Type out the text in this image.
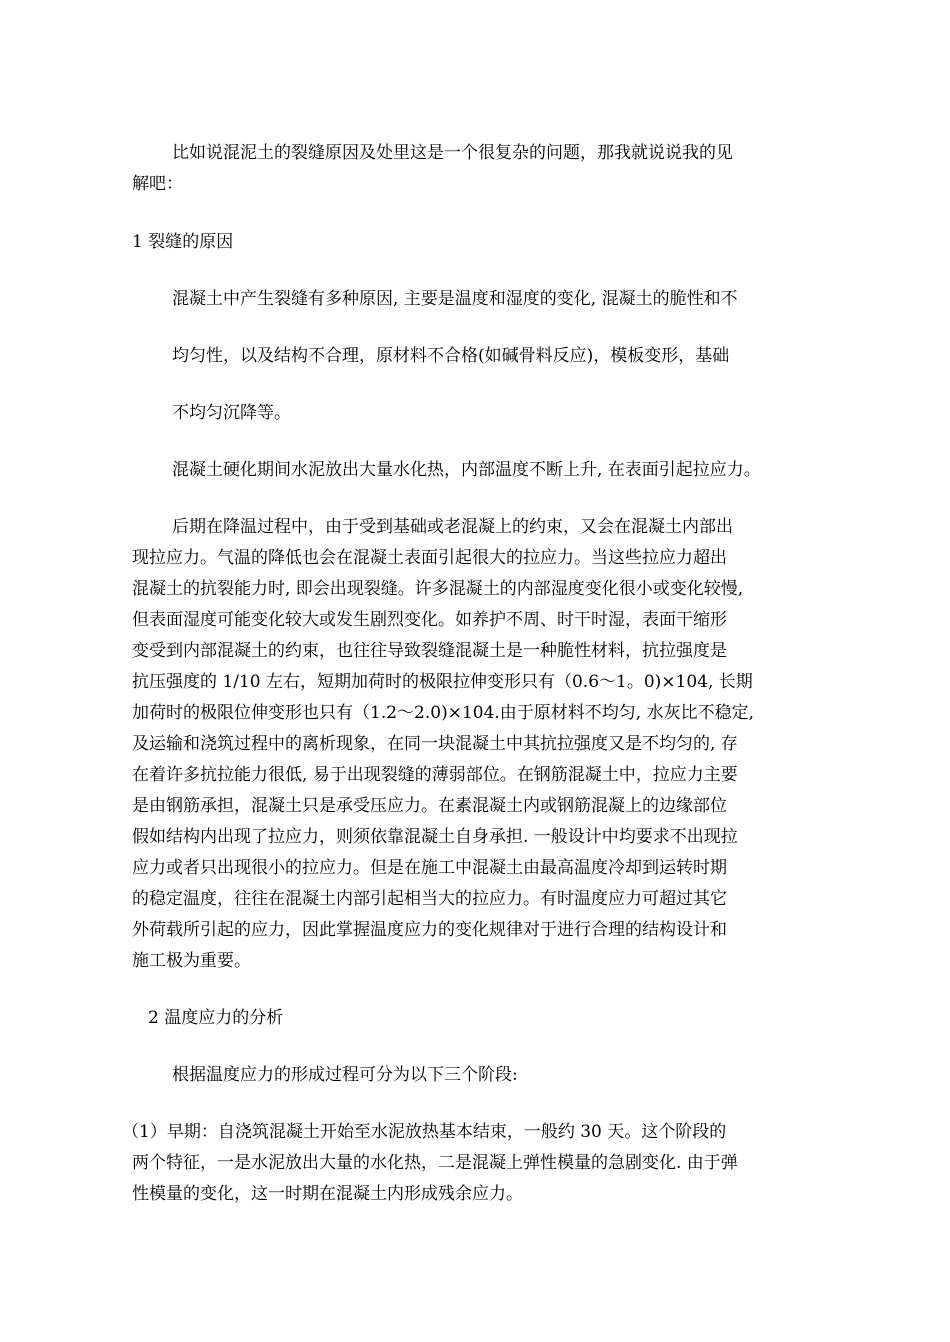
比如说混泥土的裂缝原因及处里这是一个很复杂的问题，那我就说说我的见

解吧：

1 裂缝的原因

混凝土中产生裂缝有多种原因, 主要是温度和湿度的变化, 混凝土的脆性和不

均匀性，以及结构不合理，原材料不合格(如碱骨料反应)，模板变形，基础

不均匀沉降等。

混凝土硬化期间水泥放出大量水化热，内部温度不断上升, 在表面引起拉应力。

后期在降温过程中，由于受到基础或老混凝上的约束，又会在混凝土内部出

现拉应力。气温的降低也会在混凝土表面引起很大的拉应力。当这些拉应力超出

混凝土的抗裂能力时, 即会出现裂缝。许多混凝土的内部湿度变化很小或变化较慢,

但表面湿度可能变化较大或发生剧烈变化。如养护不周、时干时湿，表面干缩形

变受到内部混凝土的约束，也往往导致裂缝混凝土是一种脆性材料，抗拉强度是

抗压强度的 1/10 左右，短期加荷时的极限拉伸变形只有（0.6～1。0)×104, 长期

加荷时的极限位伸变形也只有（1.2～2.0)×104.由于原材料不均匀, 水灰比不稳定,

及运输和浇筑过程中的离析现象，在同一块混凝土中其抗拉强度又是不均匀的, 存

在着许多抗拉能力很低, 易于出现裂缝的薄弱部位。在钢筋混凝土中，拉应力主要

是由钢筋承担，混凝土只是承受压应力。在素混凝土内或钢筋混凝上的边缘部位

假如结构内出现了拉应力，则须依靠混凝土自身承担. 一般设计中均要求不出现拉

应力或者只出现很小的拉应力。但是在施工中混凝土由最高温度冷却到运转时期

的稳定温度，往往在混凝土内部引起相当大的拉应力。有时温度应力可超过其它

外荷载所引起的应力，因此掌握温度应力的变化规律对于进行合理的结构设计和

施工极为重要。

2 温度应力的分析

根据温度应力的形成过程可分为以下三个阶段:

（1）早期：自浇筑混凝土开始至水泥放热基本结束，一般约 30 天。这个阶段的

两个特征，一是水泥放出大量的水化热，二是混凝上弹性模量的急剧变化. 由于弹

性模量的变化，这一时期在混凝土内形成残余应力。
